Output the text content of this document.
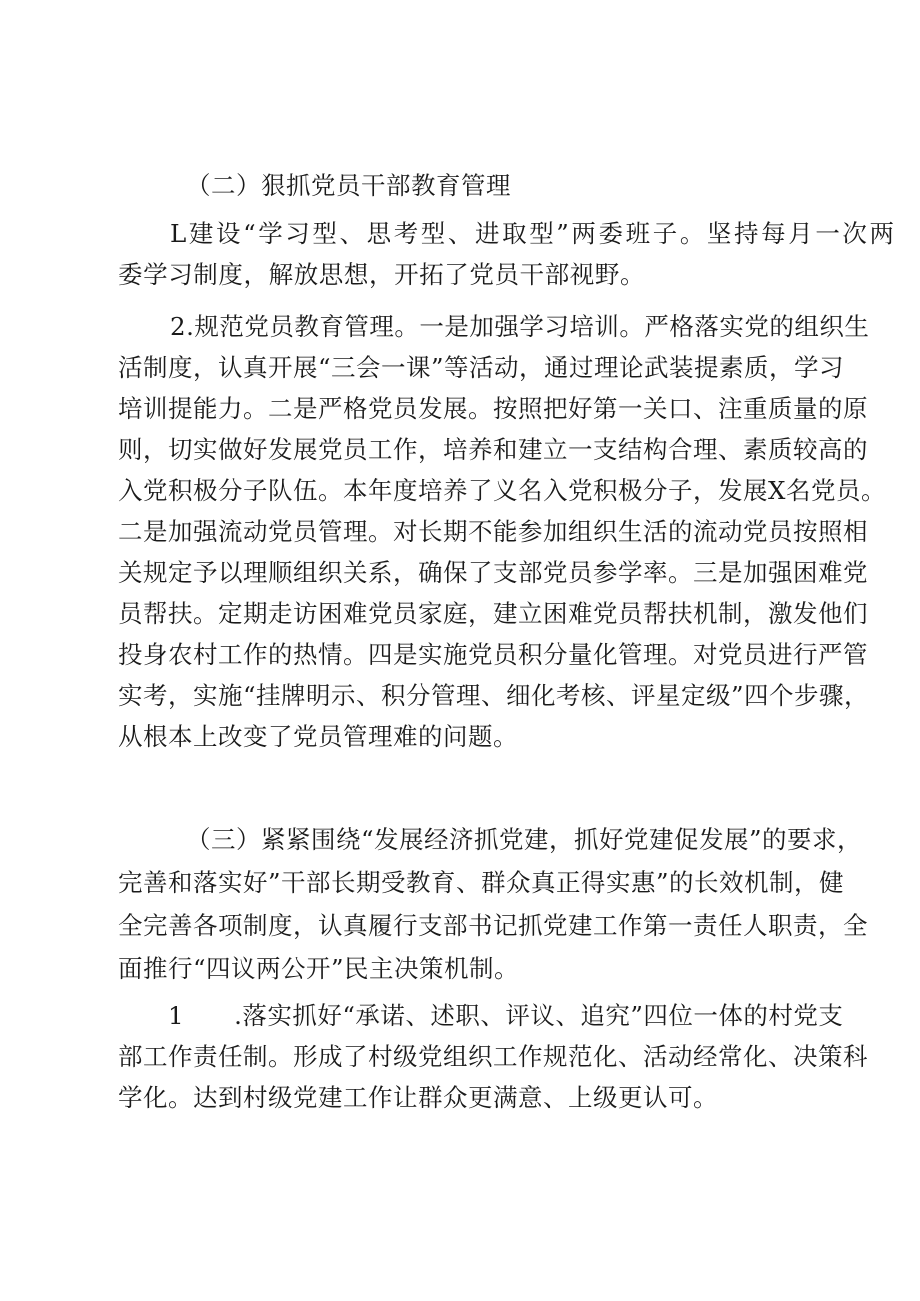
（二）狠抓党员干部教育管理
L建设“学习型、思考型、进取型”两委班子。坚持每月一次两
委学习制度，解放思想，开拓了党员干部视野。
2.规范党员教育管理。一是加强学习培训。严格落实党的组织生
活制度，认真开展“三会一课”等活动，通过理论武装提素质，学习
培训提能力。二是严格党员发展。按照把好第一关口、注重质量的原
则，切实做好发展党员工作，培养和建立一支结构合理、素质较高的
入党积极分子队伍。本年度培养了义名入党积极分子，发展X名党员。
二是加强流动党员管理。对长期不能参加组织生活的流动党员按照相
关规定予以理顺组织关系，确保了支部党员参学率。三是加强困难党
员帮扶。定期走访困难党员家庭，建立困难党员帮扶机制，激发他们
投身农村工作的热情。四是实施党员积分量化管理。对党员进行严管
实考，实施“挂牌明示、积分管理、细化考核、评星定级”四个步骤，
从根本上改变了党员管理难的问题。
（三）紧紧围绕“发展经济抓党建，抓好党建促发展”的要求，
完善和落实好”干部长期受教育、群众真正得实惠”的长效机制，健
全完善各项制度，认真履行支部书记抓党建工作第一责任人职责，全
面推行“四议两公开”民主决策机制。
1　　.落实抓好“承诺、述职、评议、追究”四位一体的村党支
部工作责任制。形成了村级党组织工作规范化、活动经常化、决策科
学化。达到村级党建工作让群众更满意、上级更认可。
